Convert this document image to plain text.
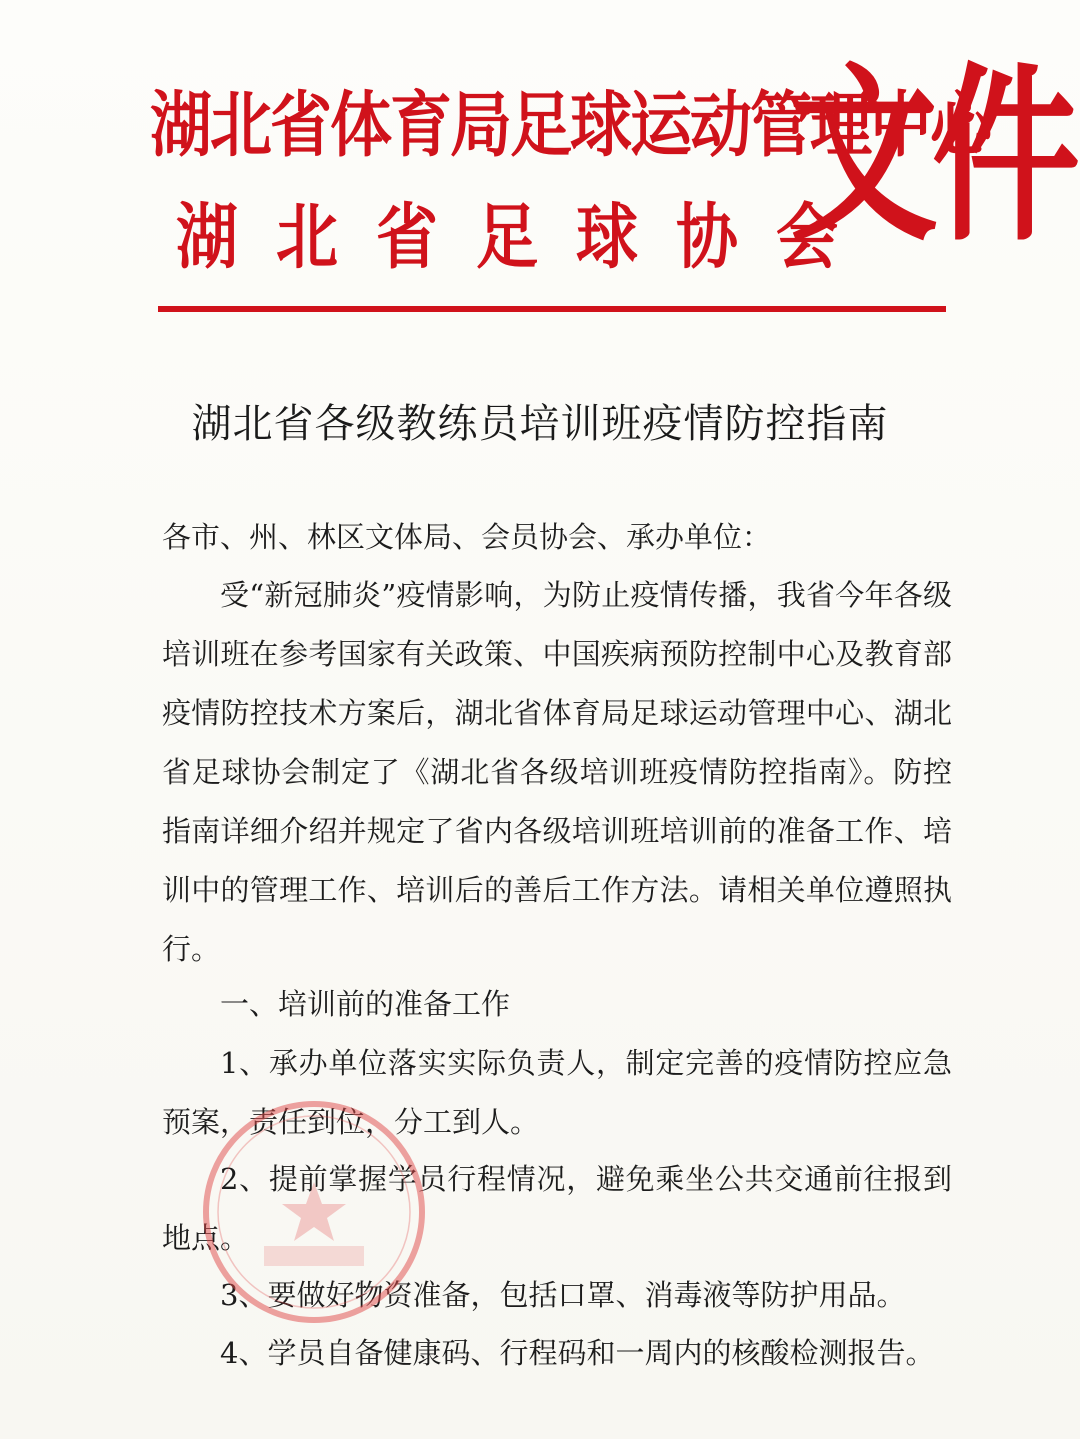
湖北省体育局足球运动管理中心
湖北省足球协会
文件
湖北省各级教练员培训班疫情防控指南
各市、州、林区文体局、会员协会、承办单位：

受“新冠肺炎”疫情影响，为防止疫情传播，我省今年各级培训班在参考国家有关政策、中国疾病预防控制中心及教育部疫情防控技术方案后，湖北省体育局足球运动管理中心、湖北省足球协会制定了《湖北省各级培训班疫情防控指南》。防控指南详细介绍并规定了省内各级培训班培训前的准备工作、培训中的管理工作、培训后的善后工作方法。请相关单位遵照执行。

一、培训前的准备工作

1、承办单位落实实际负责人，制定完善的疫情防控应急预案，责任到位，分工到人。

2、提前掌握学员行程情况，避免乘坐公共交通前往报到地点。

3、要做好物资准备，包括口罩、消毒液等防护用品。

4、学员自备健康码、行程码和一周内的核酸检测报告。
